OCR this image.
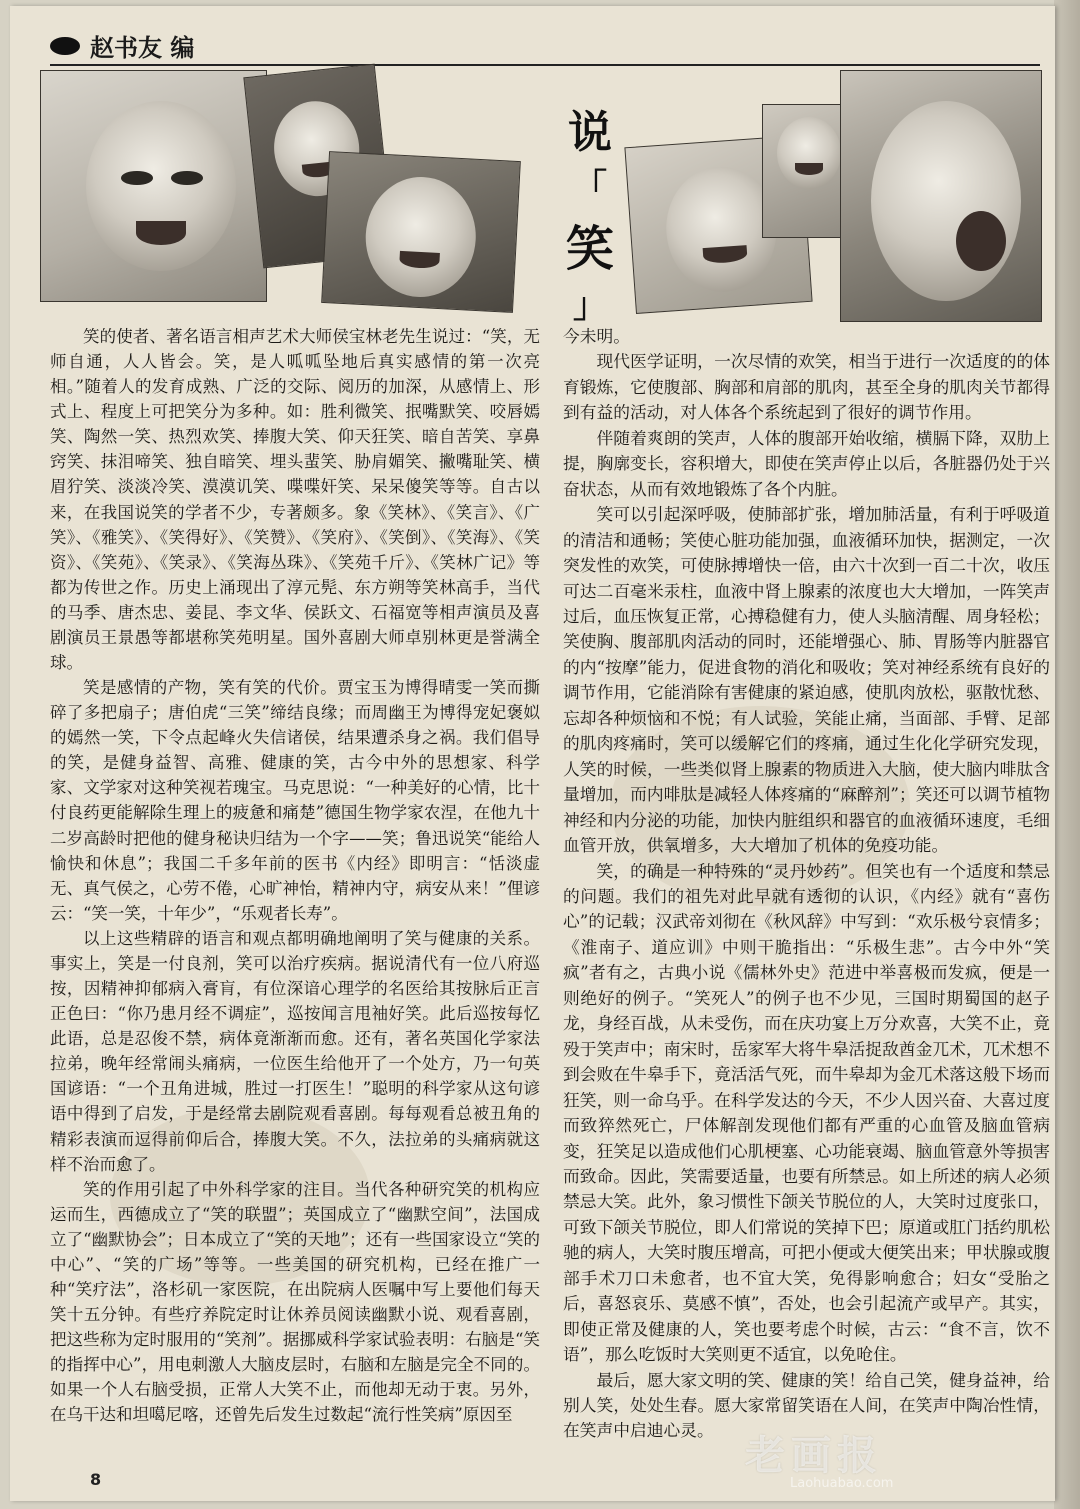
赵书友 编
说
「
笑
」

笑的使者、著名语言相声艺术大师侯宝林老先生说过：“笑，无师自通，人人皆会。笑，是人呱呱坠地后真实感情的第一次亮相。”随着人的发育成熟、广泛的交际、阅历的加深，从感情上、形式上、程度上可把笑分为多种。如：胜利微笑、抿嘴默笑、咬唇嫣笑、陶然一笑、热烈欢笑、捧腹大笑、仰天狂笑、暗自苦笑、享鼻窍笑、抹泪啼笑、独自暗笑、埋头蜚笑、胁肩媚笑、撇嘴耻笑、横眉狞笑、淡淡冷笑、漠漠讥笑、喋喋奸笑、呆呆傻笑等等。自古以来，在我国说笑的学者不少，专著颇多。象《笑林》、《笑言》、《广笑》、《雅笑》、《笑得好》、《笑赞》、《笑府》、《笑倒》、《笑海》、《笑资》、《笑苑》、《笑录》、《笑海丛珠》、《笑苑千斤》、《笑林广记》等都为传世之作。历史上涌现出了淳元髡、东方朔等笑林高手，当代的马季、唐杰忠、姜昆、李文华、侯跃文、石福宽等相声演员及喜剧演员王景愚等都堪称笑苑明星。国外喜剧大师卓别林更是誉满全球。

笑是感情的产物，笑有笑的代价。贾宝玉为博得晴雯一笑而撕碎了多把扇子；唐伯虎“三笑”缔结良缘；而周幽王为博得宠妃褒姒的嫣然一笑，下令点起峰火失信诸侯，结果遭杀身之祸。我们倡导的笑，是健身益智、高雅、健康的笑，古今中外的思想家、科学家、文学家对这种笑视若瑰宝。马克思说：“一种美好的心情，比十付良药更能解除生理上的疲惫和痛楚”德国生物学家农涅，在他九十二岁高龄时把他的健身秘诀归结为一个字——笑；鲁迅说笑“能给人愉快和休息”；我国二千多年前的医书《内经》即明言：“恬淡虚无、真气侯之，心劳不倦，心旷神怡，精神内守，病安从来！”俚谚云：“笑一笑，十年少”，“乐观者长寿”。

以上这些精辟的语言和观点都明确地阐明了笑与健康的关系。事实上，笑是一付良剂，笑可以治疗疾病。据说清代有一位八府巡按，因精神抑郁病入膏肓，有位深谙心理学的名医给其按脉后正言正色曰：“你乃患月经不调症”，巡按闻言甩袖好笑。此后巡按每忆此语，总是忍俊不禁，病体竟渐渐而愈。还有，著名英国化学家法拉弟，晚年经常闹头痛病，一位医生给他开了一个处方，乃一句英国谚语：“一个丑角进城，胜过一打医生！”聪明的科学家从这句谚语中得到了启发，于是经常去剧院观看喜剧。每每观看总被丑角的精彩表演而逗得前仰后合，捧腹大笑。不久，法拉弟的头痛病就这样不治而愈了。

笑的作用引起了中外科学家的注目。当代各种研究笑的机构应运而生，西德成立了“笑的联盟”；英国成立了“幽默空间”，法国成立了“幽默协会”；日本成立了“笑的天地”；还有一些国家设立“笑的中心”、“笑的广场”等等。一些美国的研究机构，已经在推广一种“笑疗法”，洛杉矶一家医院，在出院病人医嘱中写上要他们每天笑十五分钟。有些疗养院定时让休养员阅读幽默小说、观看喜剧，把这些称为定时服用的“笑剂”。据挪威科学家试验表明：右脑是“笑的指挥中心”，用电刺激人大脑皮层时，右脑和左脑是完全不同的。如果一个人右脑受损，正常人大笑不止，而他却无动于衷。另外，在乌干达和坦噶尼喀，还曾先后发生过数起“流行性笑病”原因至

今未明。

现代医学证明，一次尽情的欢笑，相当于进行一次适度的的体育锻炼，它使腹部、胸部和肩部的肌肉，甚至全身的肌肉关节都得到有益的活动，对人体各个系统起到了很好的调节作用。

伴随着爽朗的笑声，人体的腹部开始收缩，横膈下降，双肋上提，胸廓变长，容积增大，即使在笑声停止以后，各脏器仍处于兴奋状态，从而有效地锻炼了各个内脏。

笑可以引起深呼吸，使肺部扩张，增加肺活量，有利于呼吸道的清洁和通畅；笑使心脏功能加强，血液循环加快，据测定，一次突发性的欢笑，可使脉搏增快一倍，由六十次到一百二十次，收压可达二百毫米汞柱，血液中肾上腺素的浓度也大大增加，一阵笑声过后，血压恢复正常，心搏稳健有力，使人头脑清醒、周身轻松；笑使胸、腹部肌肉活动的同时，还能增强心、肺、胃肠等内脏器官的内“按摩”能力，促进食物的消化和吸收；笑对神经系统有良好的调节作用，它能消除有害健康的紧迫感，使肌肉放松，驱散忧愁、忘却各种烦恼和不悦；有人试验，笑能止痛，当面部、手臂、足部的肌肉疼痛时，笑可以缓解它们的疼痛，通过生化化学研究发现，人笑的时候，一些类似肾上腺素的物质进入大脑，使大脑内啡肽含量增加，而内啡肽是减轻人体疼痛的“麻醉剂”；笑还可以调节植物神经和内分泌的功能，加快内脏组织和器官的血液循环速度，毛细血管开放，供氧增多，大大增加了机体的免疫功能。

笑，的确是一种特殊的“灵丹妙药”。但笑也有一个适度和禁忌的问题。我们的祖先对此早就有透彻的认识，《内经》就有“喜伤心”的记载；汉武帝刘彻在《秋风辞》中写到：“欢乐极兮哀情多；《淮南子、道应训》中则干脆指出：“乐极生悲”。古今中外“笑疯”者有之，古典小说《儒林外史》范进中举喜极而发疯，便是一则绝好的例子。“笑死人”的例子也不少见，三国时期蜀国的赵子龙，身经百战，从未受伤，而在庆功宴上万分欢喜，大笑不止，竟殁于笑声中；南宋时，岳家军大将牛皋活捉敌酋金兀术，兀术想不到会败在牛皋手下，竟活活气死，而牛皋却为金兀术落这般下场而狂笑，则一命乌乎。在科学发达的今天，不少人因兴奋、大喜过度而致猝然死亡，尸体解剖发现他们都有严重的心血管及脑血管病变，狂笑足以造成他们心肌梗塞、心功能衰竭、脑血管意外等损害而致命。因此，笑需要适量，也要有所禁忌。如上所述的病人必须禁忌大笑。此外，象习惯性下颌关节脱位的人，大笑时过度张口，可致下颌关节脱位，即人们常说的笑掉下巴；原道或肛门括约肌松驰的病人，大笑时腹压增高，可把小便或大便笑出来；甲状腺或腹部手术刀口未愈者，也不宜大笑，免得影响愈合；妇女“受胎之后，喜怒哀乐、莫感不慎”，否处，也会引起流产或早产。其实，即使正常及健康的人，笑也要考虑个时候，古云：“食不言，饮不语”，那么吃饭时大笑则更不适宜，以免呛住。

最后，愿大家文明的笑、健康的笑！给自己笑，健身益神，给别人笑，处处生春。愿大家常留笑语在人间，在笑声中陶冶性情，在笑声中启迪心灵。

8
老画报
Laohuabao.com
